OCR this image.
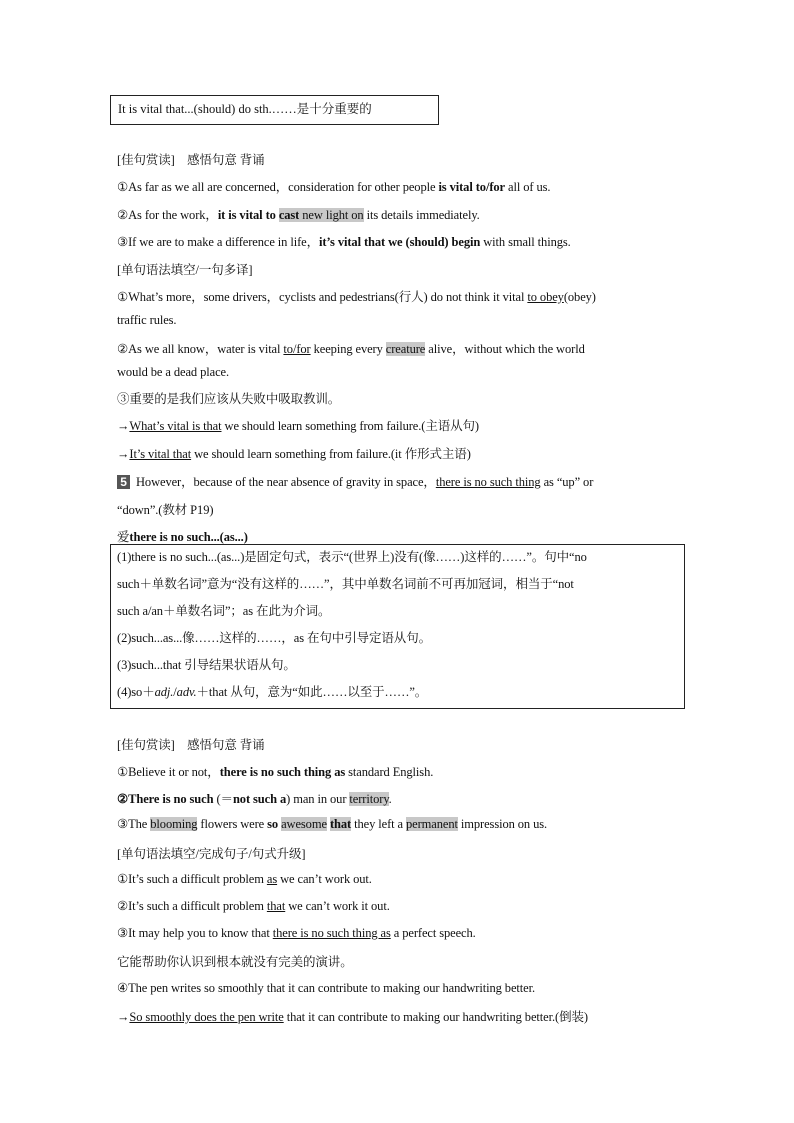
It is vital that...(should) do sth.……是十分重要的
[佳句赏读]　感悟句意 背诵
①As far as we all are concerned，consideration for other people is vital to/for all of us.
②As for the work，it is vital to cast new light on its details immediately.
③If we are to make a difference in life，it’s vital that we (should) begin with small things.
[单句语法填空/一句多译]
①What’s more，some drivers，cyclists and pedestrians(行人) do not think it vital to obey(obey)
traffic rules.
②As we all know，water is vital to/for keeping every creature alive，without which the world
would be a dead place.
③重要的是我们应该从失败中吸取教训。
→What’s vital is that we should learn something from failure.(主语从句)
→It’s vital that we should learn something from failure.(it 作形式主语)
5 However，because of the near absence of gravity in space，there is no such thing as “up” or
“down”.(教材 P19)
爱there is no such...(as...)
(1)there is no such...(as...)是固定句式，表示“(世界上)没有(像……)这样的……”。句中“no
such＋单数名词”意为“没有这样的……”，其中单数名词前不可再加冠词，相当于“not
such a/an＋单数名词”；as 在此为介词。
(2)such...as...像……这样的……，as 在句中引导定语从句。
(3)such...that 引导结果状语从句。
(4)so＋adj./adv.＋that 从句，意为“如此……以至于……”。
[佳句赏读]　感悟句意 背诵
①Believe it or not，there is no such thing as standard English.
②There is no such (＝not such a) man in our territory.
③The blooming flowers were so awesome that they left a permanent impression on us.
[单句语法填空/完成句子/句式升级]
①It’s such a difficult problem as we can’t work out.
②It’s such a difficult problem that we can’t work it out.
③It may help you to know that there is no such thing as a perfect speech.
它能帮助你认识到根本就没有完美的演讲。
④The pen writes so smoothly that it can contribute to making our handwriting better.
→So smoothly does the pen write that it can contribute to making our handwriting better.(倒装)
